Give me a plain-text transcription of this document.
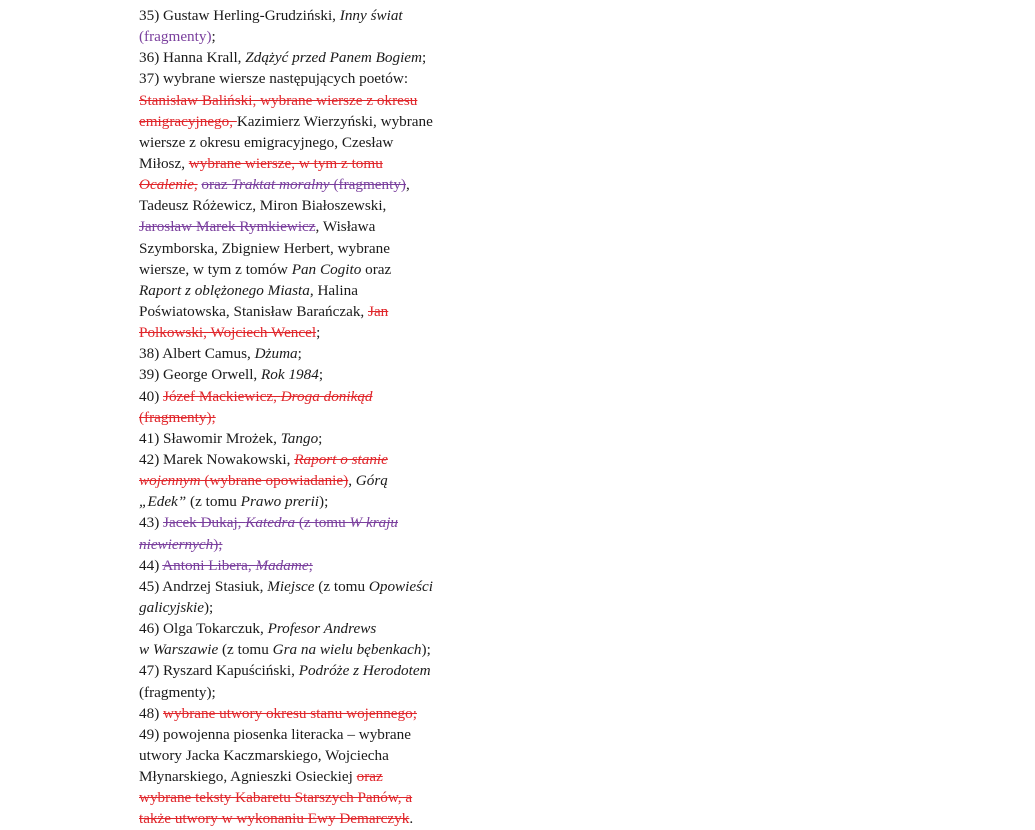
35) Gustaw Herling-Grudziński, Inny świat
(fragmenty);
36) Hanna Krall, Zdążyć przed Panem Bogiem;
37) wybrane wiersze następujących poetów:
Stanisław Baliński, wybrane wiersze z okresu
emigracyjnego, Kazimierz Wierzyński, wybrane
wiersze z okresu emigracyjnego, Czesław
Miłosz, wybrane wiersze, w tym z tomu
Ocalenie, oraz Traktat moralny (fragmenty),
Tadeusz Różewicz, Miron Białoszewski,
Jarosław Marek Rymkiewicz, Wisława
Szymborska, Zbigniew Herbert, wybrane
wiersze, w tym z tomów Pan Cogito oraz
Raport z oblężonego Miasta, Halina
Poświatowska, Stanisław Barańczak, Jan
Polkowski, Wojciech Wencel;
38) Albert Camus, Dżuma;
39) George Orwell, Rok 1984;
40) Józef Mackiewicz, Droga donikąd
(fragmenty);
41) Sławomir Mrożek, Tango;
42) Marek Nowakowski, Raport o stanie
wojennym (wybrane opowiadanie), Górą
„Edek” (z tomu Prawo prerii);
43) Jacek Dukaj, Katedra (z tomu W kraju
niewiernych);
44) Antoni Libera, Madame;
45) Andrzej Stasiuk, Miejsce (z tomu Opowieści
galicyjskie);
46) Olga Tokarczuk, Profesor Andrews
w Warszawie (z tomu Gra na wielu bębenkach);
47) Ryszard Kapuściński, Podróże z Herodotem
(fragmenty);
48) wybrane utwory okresu stanu wojennego;
49) powojenna piosenka literacka – wybrane
utwory Jacka Kaczmarskiego, Wojciecha
Młynarskiego, Agnieszki Osieckiej oraz
wybrane teksty Kabaretu Starszych Panów, a
także utwory w wykonaniu Ewy Demarczyk.
